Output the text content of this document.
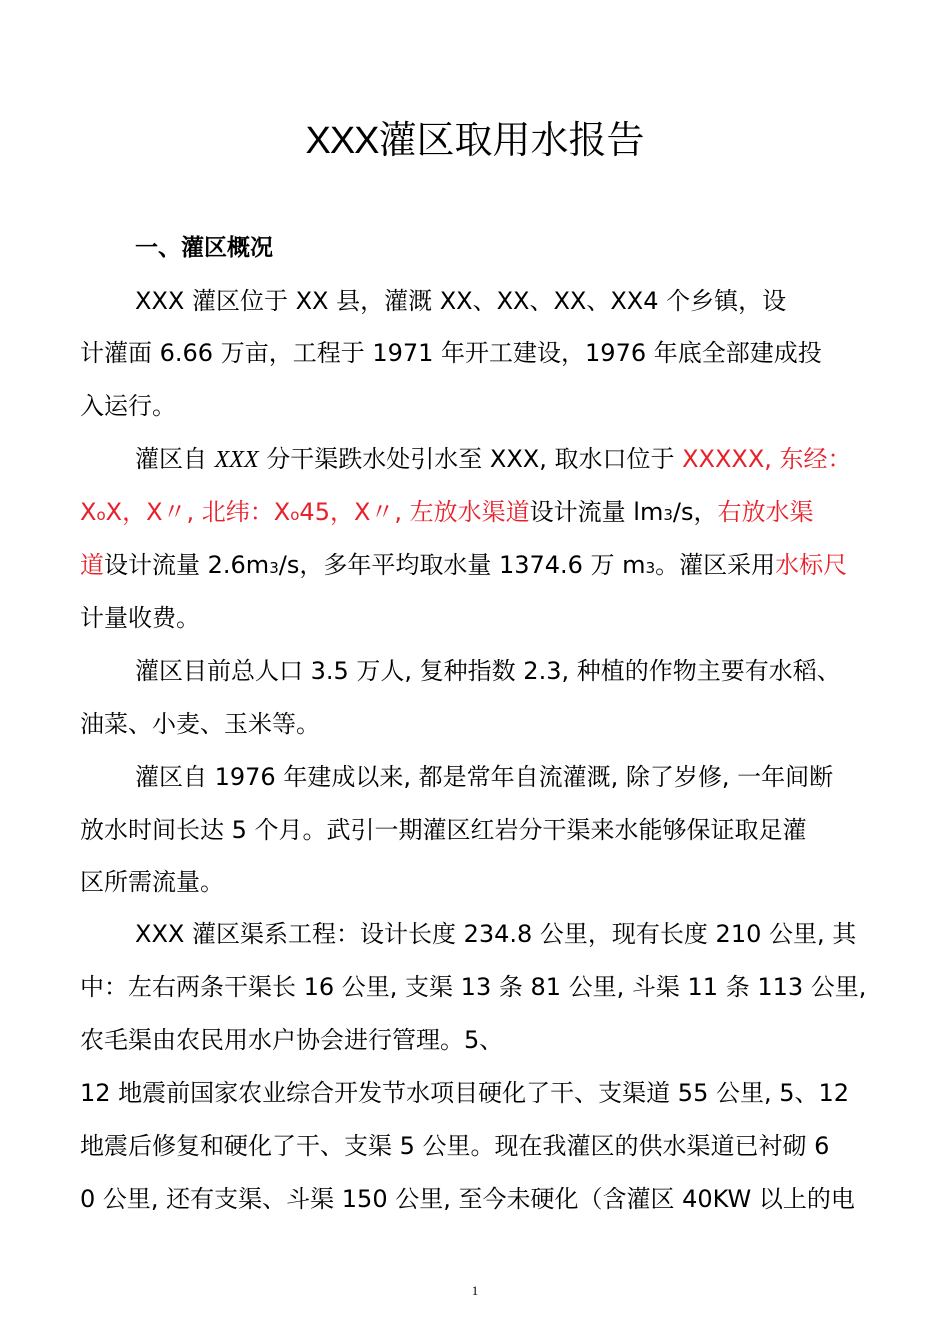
XXX灌区取用水报告
一、灌区概况
XXX 灌区位于 XX 县，灌溉 XX、XX、XX、XX4 个乡镇，设
计灌面 6.66 万亩，工程于 1971 年开工建设，1976 年底全部建成投
入运行。
灌区自 XXX 分干渠跌水处引水至 XXX, 取水口位于 XXXXX, 东经：
XoX，X〃, 北纬：Xo45，X〃, 左放水渠道设计流量 lm3/s，右放水渠
道设计流量 2.6m3/s，多年平均取水量 1374.6 万 m3。灌区采用水标尺
计量收费。
灌区目前总人口 3.5 万人, 复种指数 2.3, 种植的作物主要有水稻、
油菜、小麦、玉米等。
灌区自 1976 年建成以来, 都是常年自流灌溉, 除了岁修, 一年间断
放水时间长达 5 个月。武引一期灌区红岩分干渠来水能够保证取足灌
区所需流量。
XXX 灌区渠系工程：设计长度 234.8 公里，现有长度 210 公里, 其
中：左右两条干渠长 16 公里, 支渠 13 条 81 公里, 斗渠 11 条 113 公里,
农毛渠由农民用水户协会进行管理。5、
12 地震前国家农业综合开发节水项目硬化了干、支渠道 55 公里, 5、12
地震后修复和硬化了干、支渠 5 公里。现在我灌区的供水渠道已衬砌 6
0 公里, 还有支渠、斗渠 150 公里, 至今未硬化（含灌区 40KW 以上的电
1
